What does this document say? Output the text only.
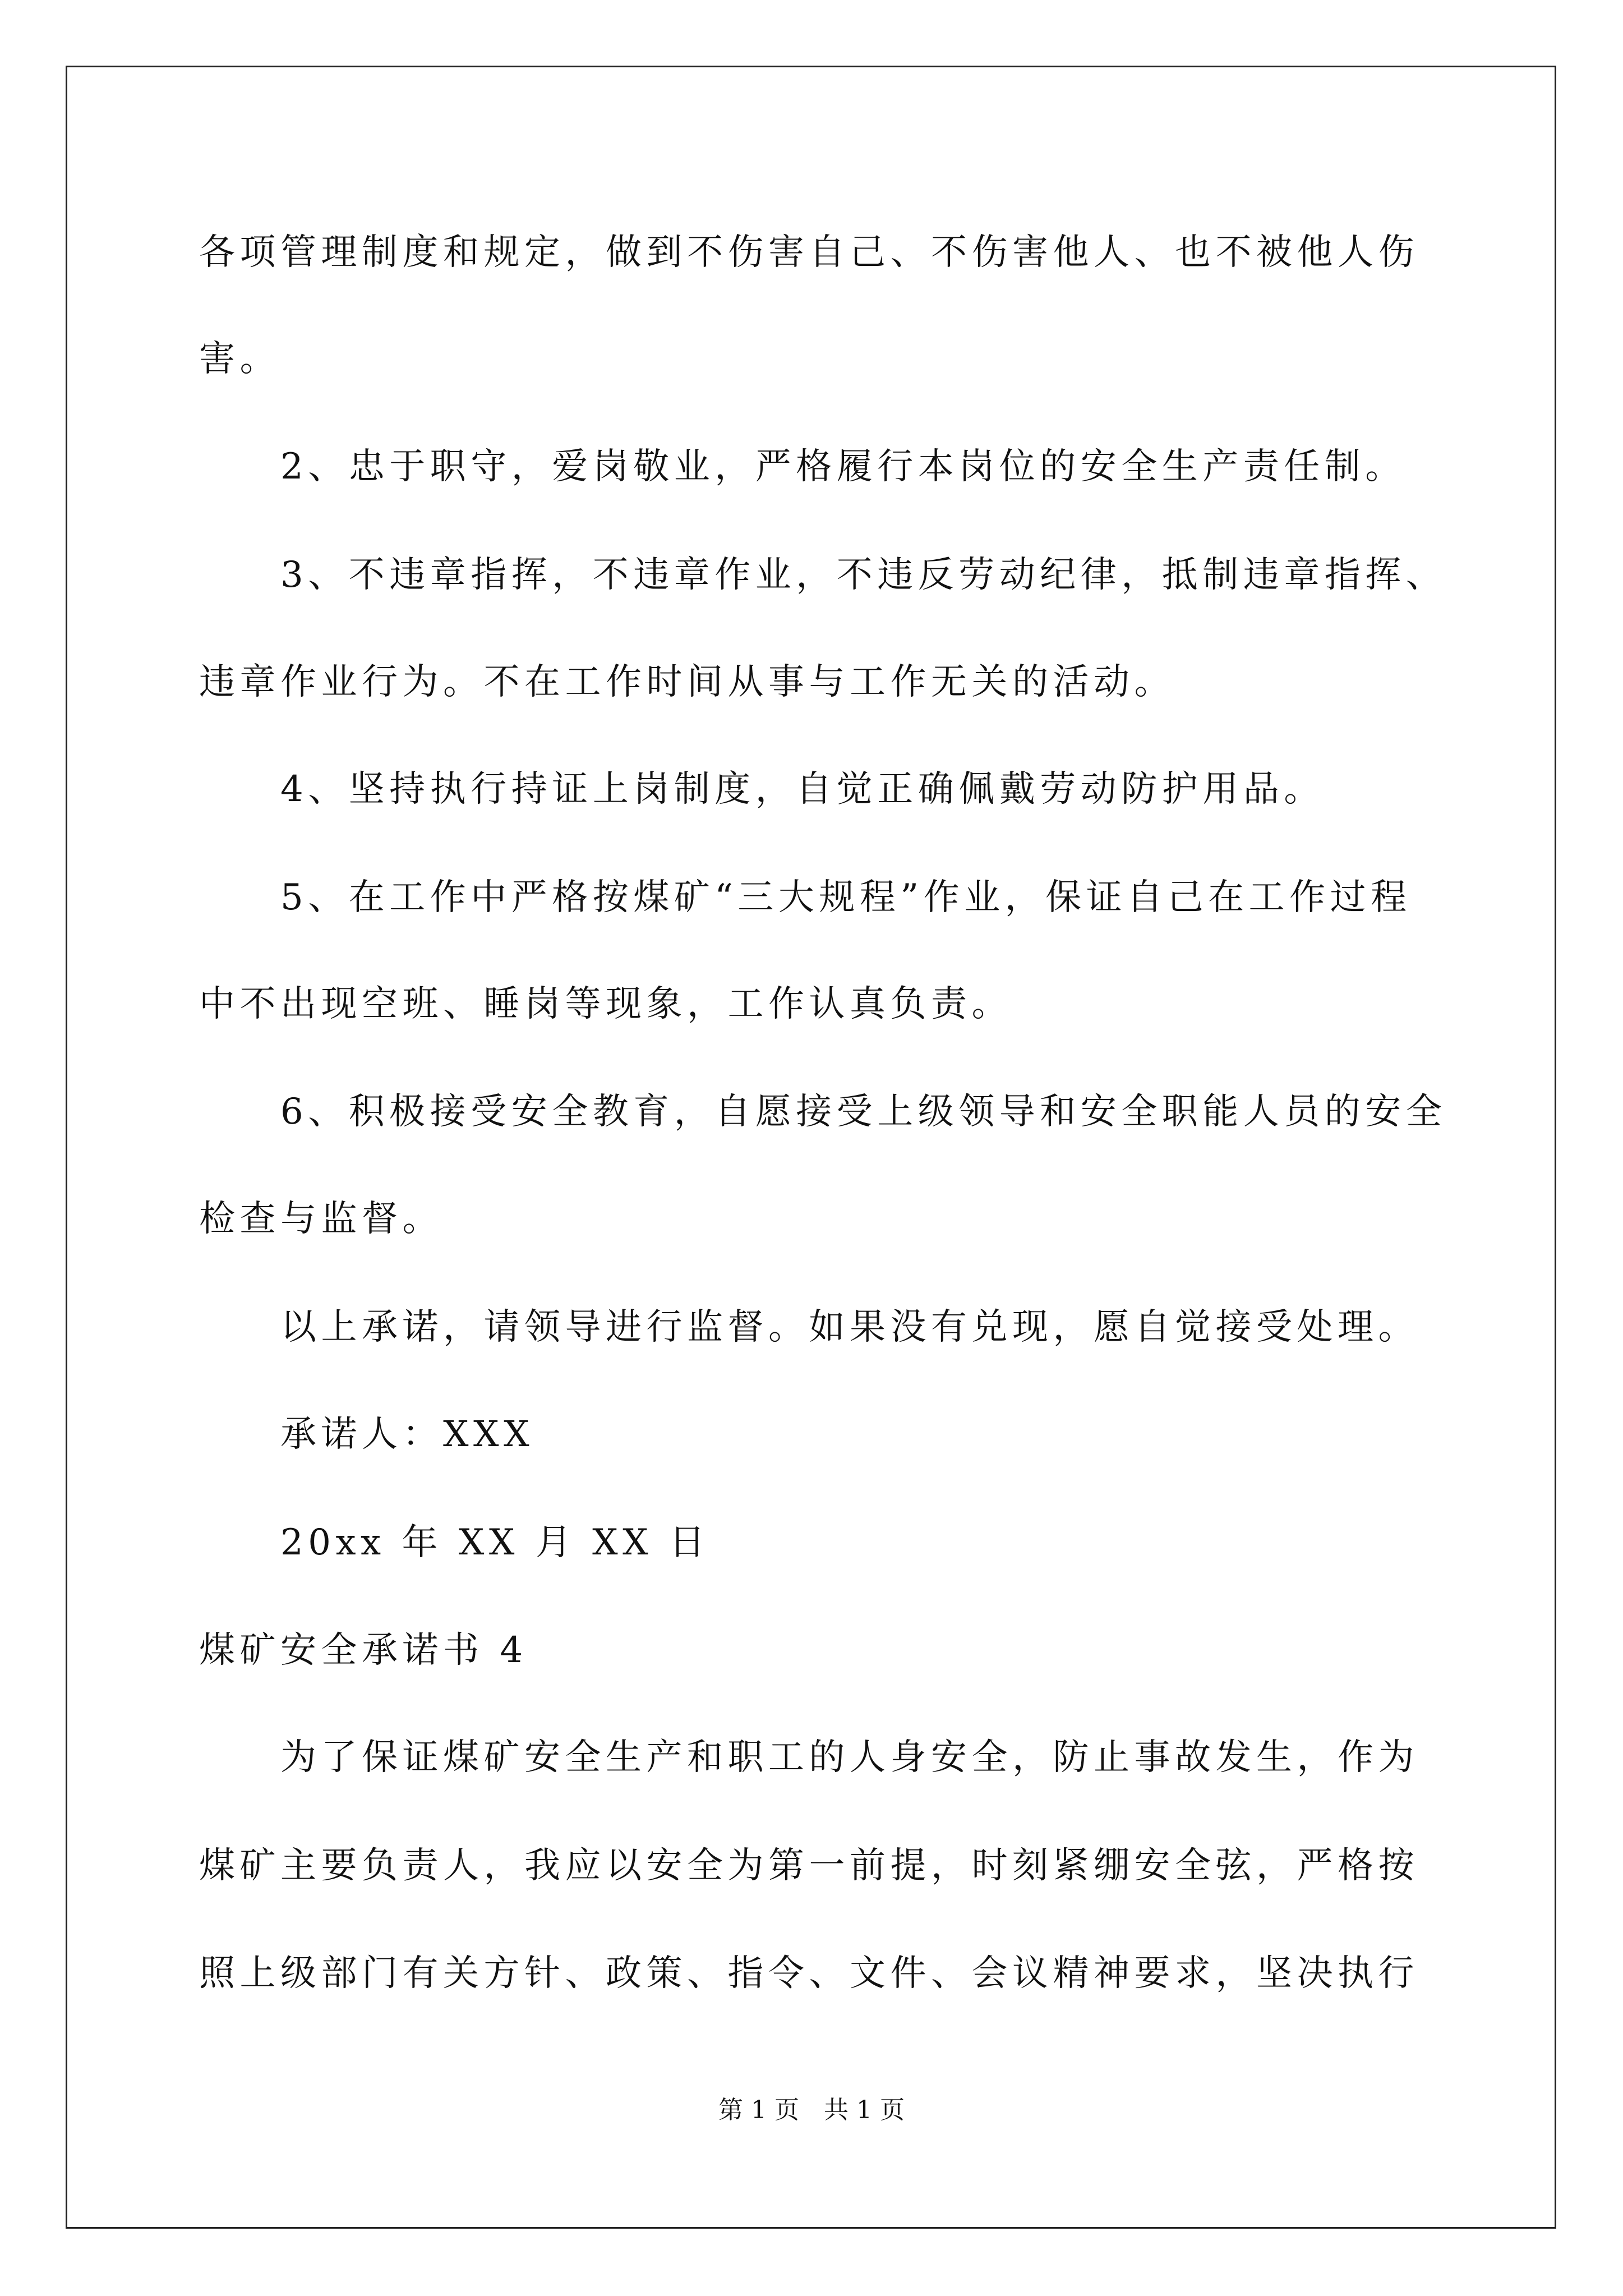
各项管理制度和规定，做到不伤害自己、不伤害他人、也不被他人伤
害。
2、忠于职守，爱岗敬业，严格履行本岗位的安全生产责任制。
3、不违章指挥，不违章作业，不违反劳动纪律，抵制违章指挥、
违章作业行为。不在工作时间从事与工作无关的活动。
4、坚持执行持证上岗制度，自觉正确佩戴劳动防护用品。
5、在工作中严格按煤矿“三大规程”作业，保证自己在工作过程
中不出现空班、睡岗等现象，工作认真负责。
6、积极接受安全教育，自愿接受上级领导和安全职能人员的安全
检查与监督。
以上承诺，请领导进行监督。如果没有兑现，愿自觉接受处理。
承诺人：XXX
20xx 年 XX 月 XX 日
煤矿安全承诺书 4
为了保证煤矿安全生产和职工的人身安全，防止事故发生，作为
煤矿主要负责人，我应以安全为第一前提，时刻紧绷安全弦，严格按
照上级部门有关方针、政策、指令、文件、会议精神要求，坚决执行
第 1 页 共 1 页
